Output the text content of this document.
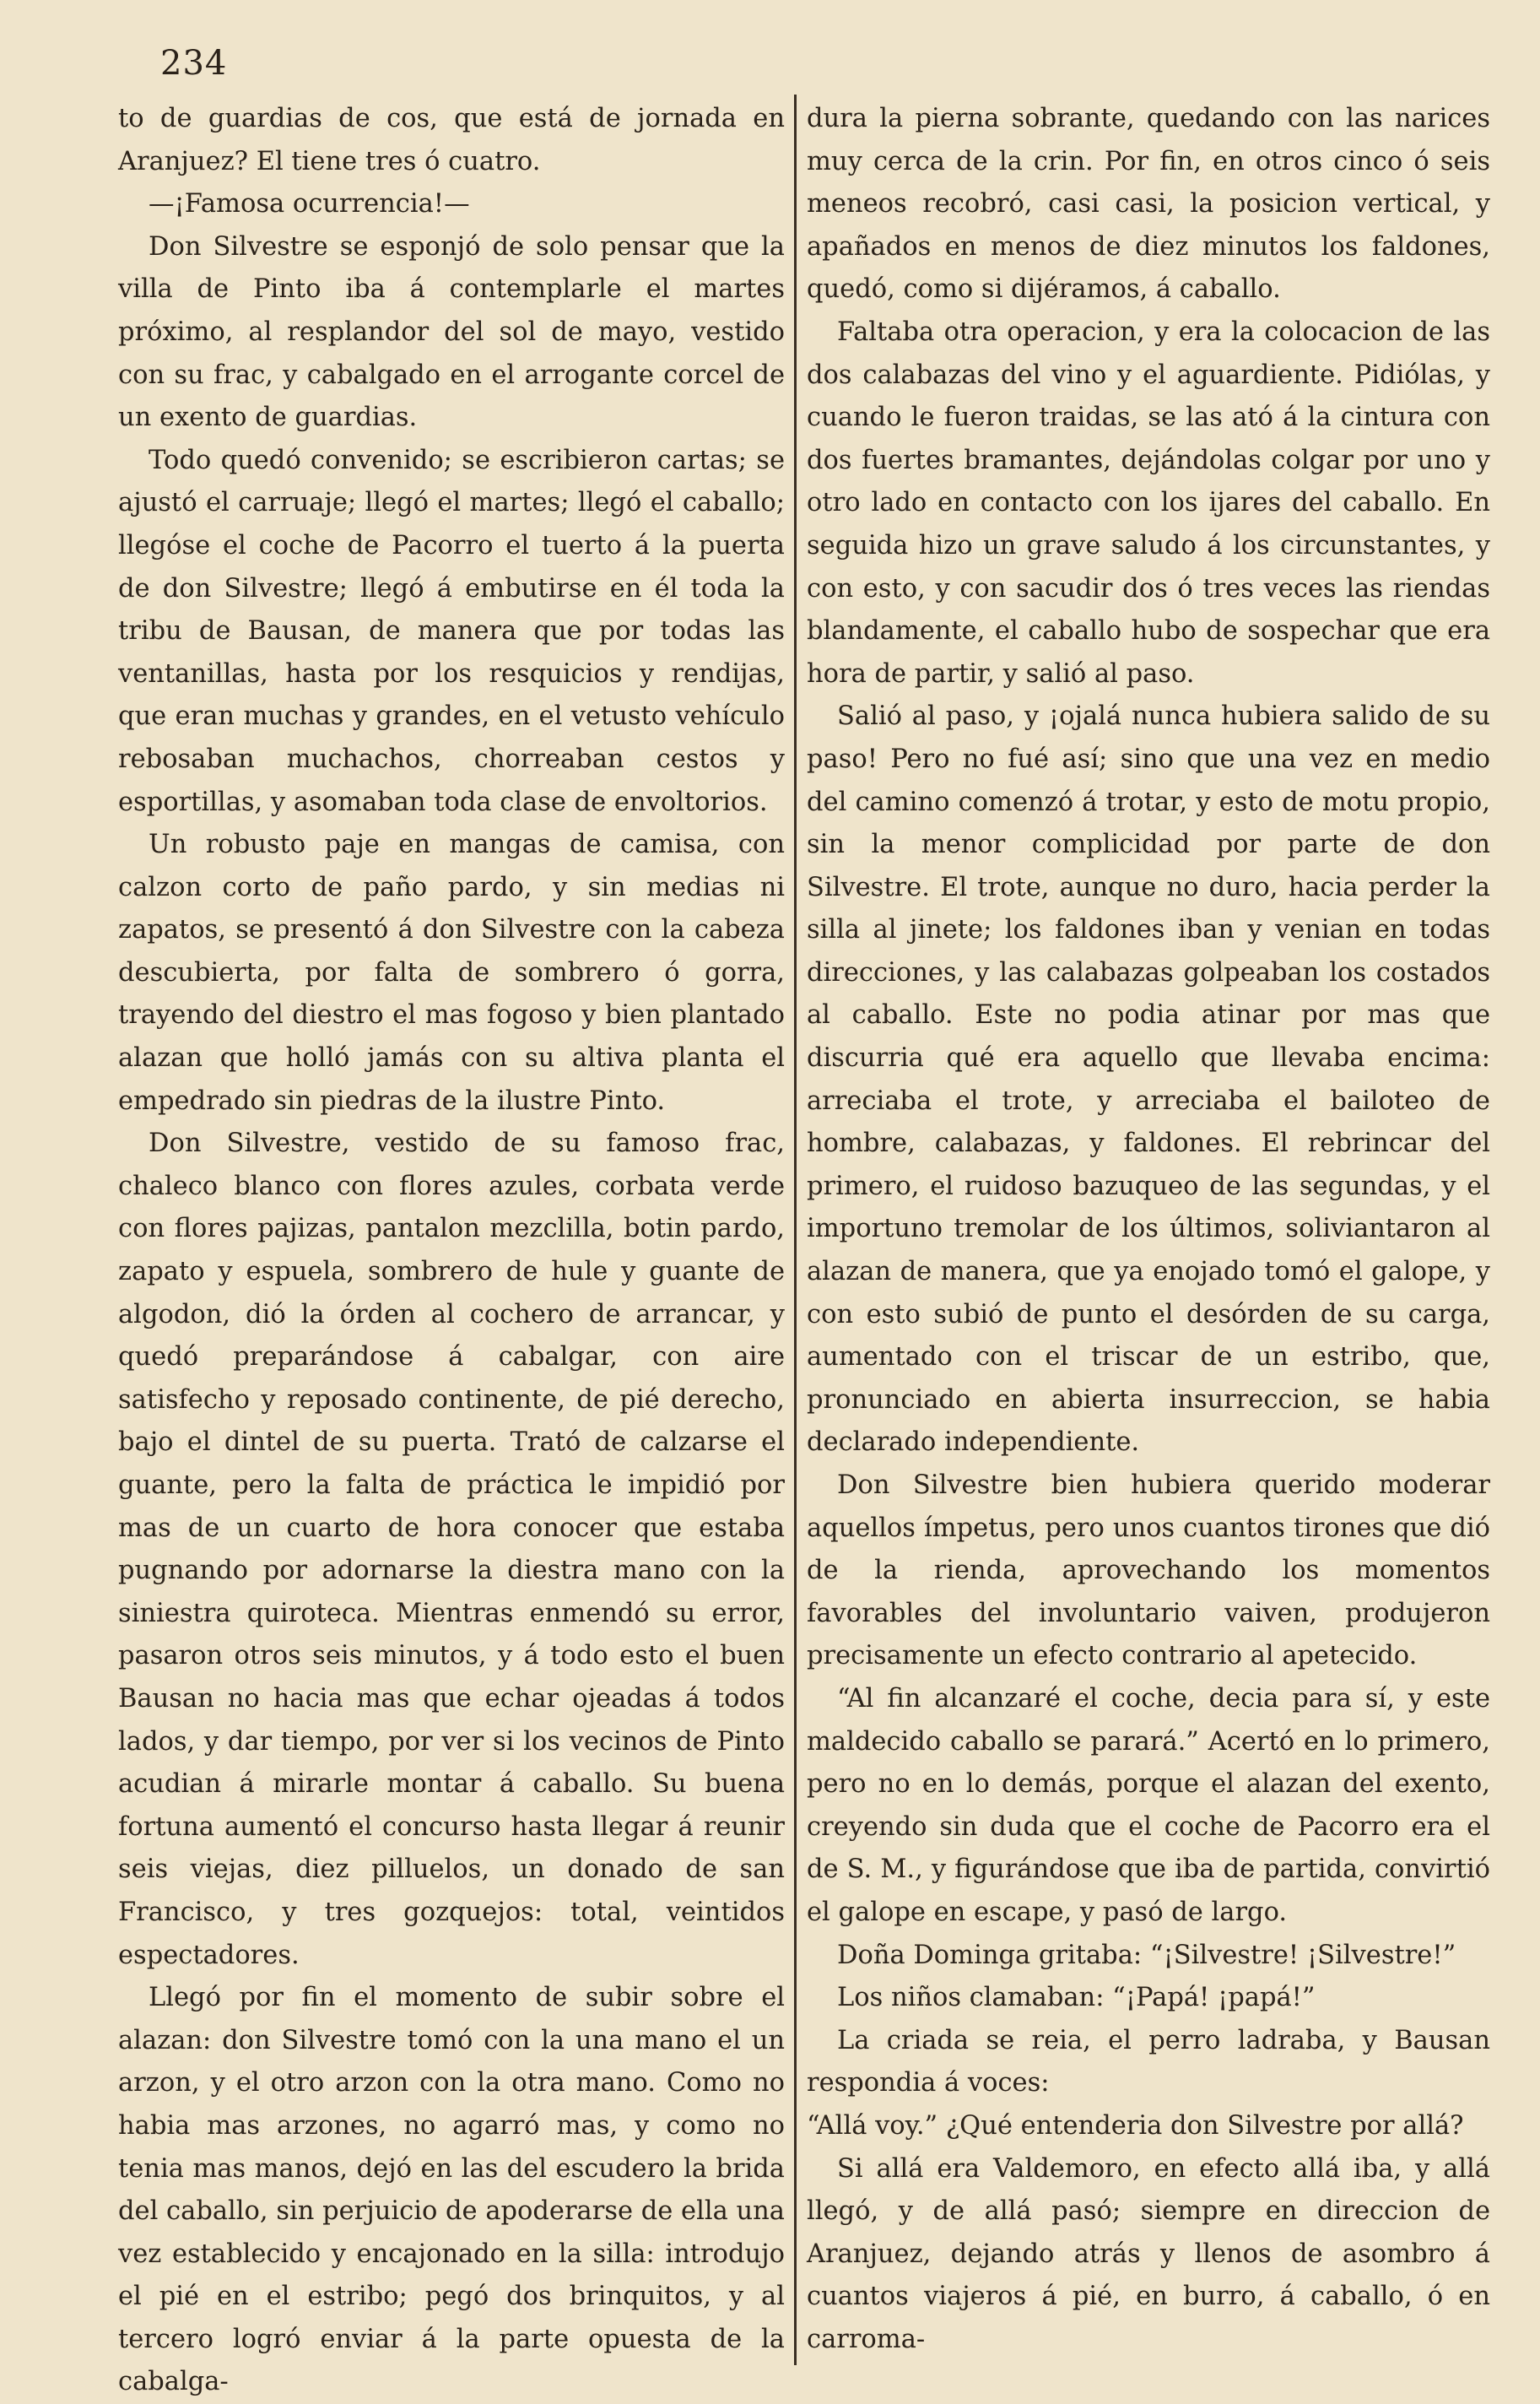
234

to de guardias de cos, que está de jornada en Aranjuez? El tiene tres ó cuatro.

—¡Famosa ocurrencia!—

Don Silvestre se esponjó de solo pensar que la villa de Pinto iba á contemplarle el martes próximo, al resplandor del sol de mayo, vestido con su frac, y cabalgado en el arrogante corcel de un exento de guardias.

Todo quedó convenido; se escribieron cartas; se ajustó el carruaje; llegó el martes; llegó el caballo; llegóse el coche de Pacorro el tuerto á la puerta de don Silvestre; llegó á embutirse en él toda la tribu de Bausan, de manera que por todas las ventanillas, hasta por los resquicios y rendijas, que eran muchas y grandes, en el vetusto vehículo rebosaban muchachos, chorreaban cestos y esportillas, y asomaban toda clase de envoltorios.

Un robusto paje en mangas de camisa, con calzon corto de paño pardo, y sin medias ni zapatos, se presentó á don Silvestre con la cabeza descubierta, por falta de sombrero ó gorra, trayendo del diestro el mas fogoso y bien plantado alazan que holló jamás con su altiva planta el empedrado sin piedras de la ilustre Pinto.

Don Silvestre, vestido de su famoso frac, chaleco blanco con flores azules, corbata verde con flores pajizas, pantalon mezclilla, botin pardo, zapato y espuela, sombrero de hule y guante de algodon, dió la órden al cochero de arrancar, y quedó preparándose á cabalgar, con aire satisfecho y reposado continente, de pié derecho, bajo el dintel de su puerta. Trató de calzarse el guante, pero la falta de práctica le impidió por mas de un cuarto de hora conocer que estaba pugnando por adornarse la diestra mano con la siniestra quiroteca. Mientras enmendó su error, pasaron otros seis minutos, y á todo esto el buen Bausan no hacia mas que echar ojeadas á todos lados, y dar tiempo, por ver si los vecinos de Pinto acudian á mirarle montar á caballo. Su buena fortuna aumentó el concurso hasta llegar á reunir seis viejas, diez pilluelos, un donado de san Francisco, y tres gozquejos: total, veintidos espectadores.

Llegó por fin el momento de subir sobre el alazan: don Silvestre tomó con la una mano el un arzon, y el otro arzon con la otra mano. Como no habia mas arzones, no agarró mas, y como no tenia mas manos, dejó en las del escudero la brida del caballo, sin perjuicio de apoderarse de ella una vez establecido y encajonado en la silla: introdujo el pié en el estribo; pegó dos brinquitos, y al tercero logró enviar á la parte opuesta de la cabalga-

dura la pierna sobrante, quedando con las narices muy cerca de la crin. Por fin, en otros cinco ó seis meneos recobró, casi casi, la posicion vertical, y apañados en menos de diez minutos los faldones, quedó, como si dijéramos, á caballo.

Faltaba otra operacion, y era la colocacion de las dos calabazas del vino y el aguardiente. Pidiólas, y cuando le fueron traidas, se las ató á la cintura con dos fuertes bramantes, dejándolas colgar por uno y otro lado en contacto con los ijares del caballo. En seguida hizo un grave saludo á los circunstantes, y con esto, y con sacudir dos ó tres veces las riendas blandamente, el caballo hubo de sospechar que era hora de partir, y salió al paso.

Salió al paso, y ¡ojalá nunca hubiera salido de su paso! Pero no fué así; sino que una vez en medio del camino comenzó á trotar, y esto de motu propio, sin la menor complicidad por parte de don Silvestre. El trote, aunque no duro, hacia perder la silla al jinete; los faldones iban y venian en todas direcciones, y las calabazas golpeaban los costados al caballo. Este no podia atinar por mas que discurria qué era aquello que llevaba encima: arreciaba el trote, y arreciaba el bailoteo de hombre, calabazas, y faldones. El rebrincar del primero, el ruidoso bazuqueo de las segundas, y el importuno tremolar de los últimos, soliviantaron al alazan de manera, que ya enojado tomó el galope, y con esto subió de punto el desórden de su carga, aumentado con el triscar de un estribo, que, pronunciado en abierta insurreccion, se habia declarado independiente.

Don Silvestre bien hubiera querido moderar aquellos ímpetus, pero unos cuantos tirones que dió de la rienda, aprovechando los momentos favorables del involuntario vaiven, produjeron precisamente un efecto contrario al apetecido.

“Al fin alcanzaré el coche, decia para sí, y este maldecido caballo se parará.” Acertó en lo primero, pero no en lo demás, porque el alazan del exento, creyendo sin duda que el coche de Pacorro era el de S. M., y figurándose que iba de partida, convirtió el galope en escape, y pasó de largo.

Doña Dominga gritaba: “¡Silvestre! ¡Silvestre!”

Los niños clamaban: “¡Papá! ¡papá!”

La criada se reia, el perro ladraba, y Bausan respondia á voces:

“Allá voy.” ¿Qué entenderia don Silvestre por allá?

Si allá era Valdemoro, en efecto allá iba, y allá llegó, y de allá pasó; siempre en direccion de Aranjuez, dejando atrás y llenos de asombro á cuantos viajeros á pié, en burro, á caballo, ó en carroma-
